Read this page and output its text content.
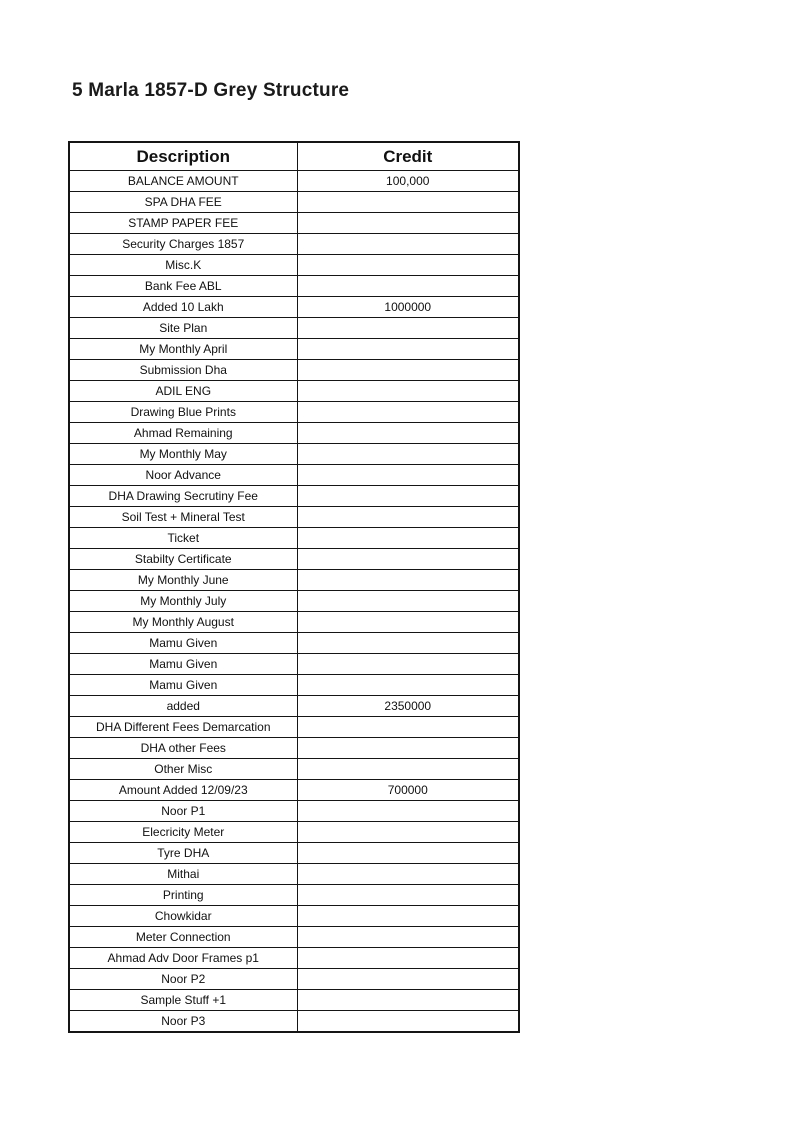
5 Marla 1857-D Grey Structure
Description	Credit
BALANCE AMOUNT	100,000
SPA DHA FEE	
STAMP PAPER FEE	
Security Charges 1857	
Misc.K	
Bank Fee ABL	
Added 10 Lakh	1000000
Site Plan	
My Monthly April	
Submission Dha	
ADIL ENG	
Drawing Blue Prints	
Ahmad Remaining	
My Monthly May	
Noor Advance	
DHA Drawing Secrutiny Fee	
Soil Test + Mineral Test	
Ticket	
Stabilty Certificate	
My Monthly June	
My Monthly July	
My Monthly August	
Mamu Given	
Mamu Given	
Mamu Given	
added	2350000
DHA Different Fees Demarcation	
DHA other Fees	
Other Misc	
Amount Added 12/09/23	700000
Noor P1	
Elecricity Meter	
Tyre DHA	
Mithai	
Printing	
Chowkidar	
Meter Connection	
Ahmad Adv Door Frames p1	
Noor P2	
Sample Stuff +1	
Noor P3	
